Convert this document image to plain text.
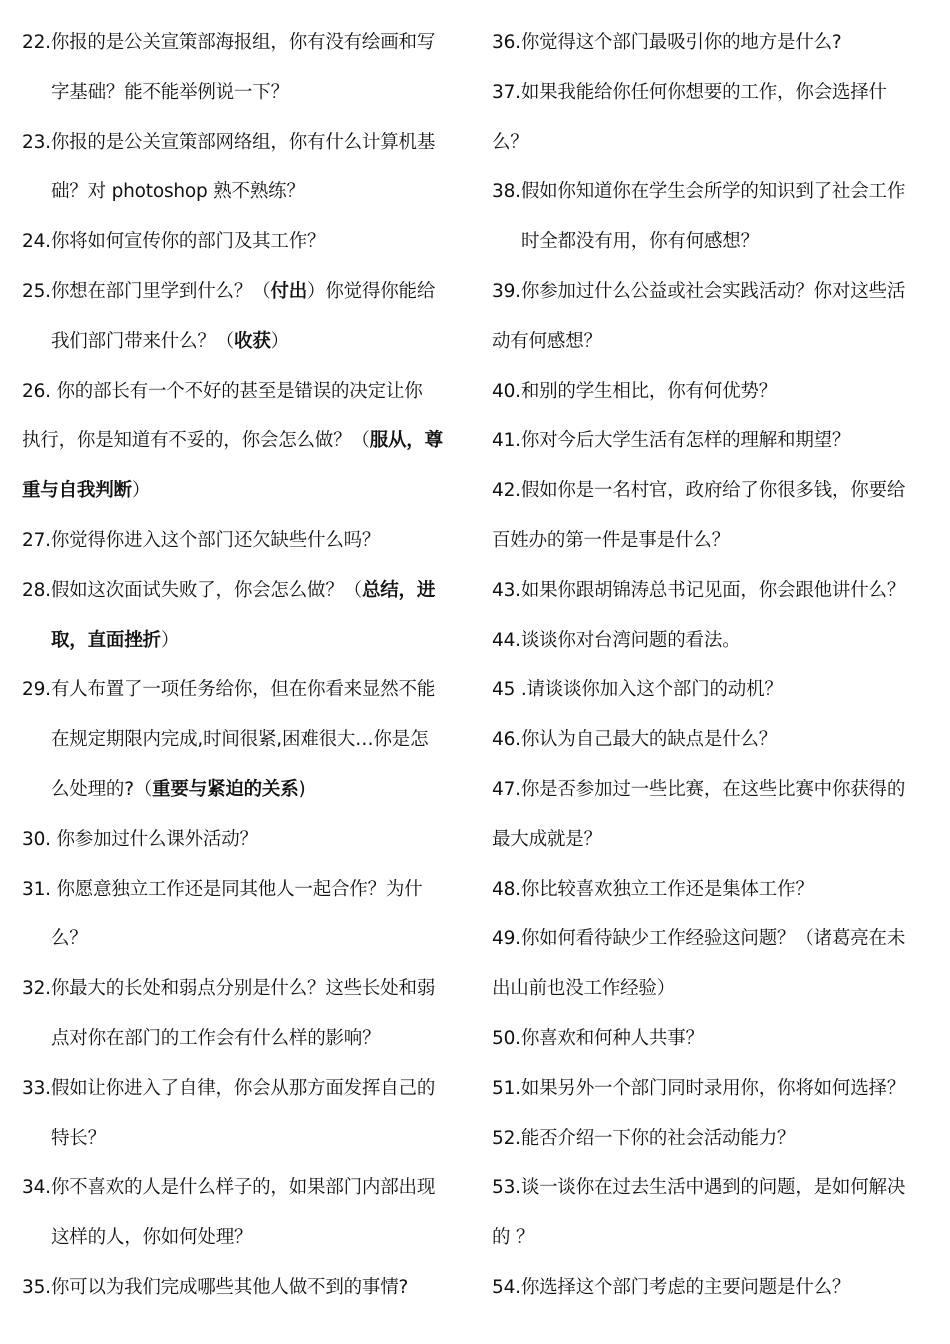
22.你报的是公关宣策部海报组，你有没有绘画和写
字基础？能不能举例说一下？
23.你报的是公关宣策部网络组，你有什么计算机基
础？对 photoshop 熟不熟练？
24.你将如何宣传你的部门及其工作？
25.你想在部门里学到什么？（付出）你觉得你能给
我们部门带来什么？（收获）
26. 你的部长有一个不好的甚至是错误的决定让你
执行，你是知道有不妥的，你会怎么做？（服从，尊
重与自我判断）
27.你觉得你进入这个部门还欠缺些什么吗？
28.假如这次面试失败了，你会怎么做？（总结，进
取，直面挫折）
29.有人布置了一项任务给你，但在你看来显然不能
在规定期限内完成,时间很紧,困难很大…你是怎
么处理的?（重要与紧迫的关系)
30. 你参加过什么课外活动？
31. 你愿意独立工作还是同其他人一起合作？为什
么？
32.你最大的长处和弱点分别是什么？这些长处和弱
点对你在部门的工作会有什么样的影响？
33.假如让你进入了自律，你会从那方面发挥自己的
特长？
34.你不喜欢的人是什么样子的，如果部门内部出现
这样的人，你如何处理？
35.你可以为我们完成哪些其他人做不到的事情?
36.你觉得这个部门最吸引你的地方是什么?
37.如果我能给你任何你想要的工作，你会选择什
么？
38.假如你知道你在学生会所学的知识到了社会工作
时全都没有用，你有何感想？
39.你参加过什么公益或社会实践活动？你对这些活
动有何感想？
40.和别的学生相比，你有何优势？
41.你对今后大学生活有怎样的理解和期望？
42.假如你是一名村官，政府给了你很多钱，你要给
百姓办的第一件是事是什么？
43.如果你跟胡锦涛总书记见面，你会跟他讲什么？
44.谈谈你对台湾问题的看法。
45 .请谈谈你加入这个部门的动机？
46.你认为自己最大的缺点是什么？
47.你是否参加过一些比赛，在这些比赛中你获得的
最大成就是？
48.你比较喜欢独立工作还是集体工作？
49.你如何看待缺少工作经验这问题？（诸葛亮在未
出山前也没工作经验）
50.你喜欢和何种人共事？
51.如果另外一个部门同时录用你，你将如何选择？
52.能否介绍一下你的社会活动能力？
53.谈一谈你在过去生活中遇到的问题，是如何解决
的 ？
54.你选择这个部门考虑的主要问题是什么？
